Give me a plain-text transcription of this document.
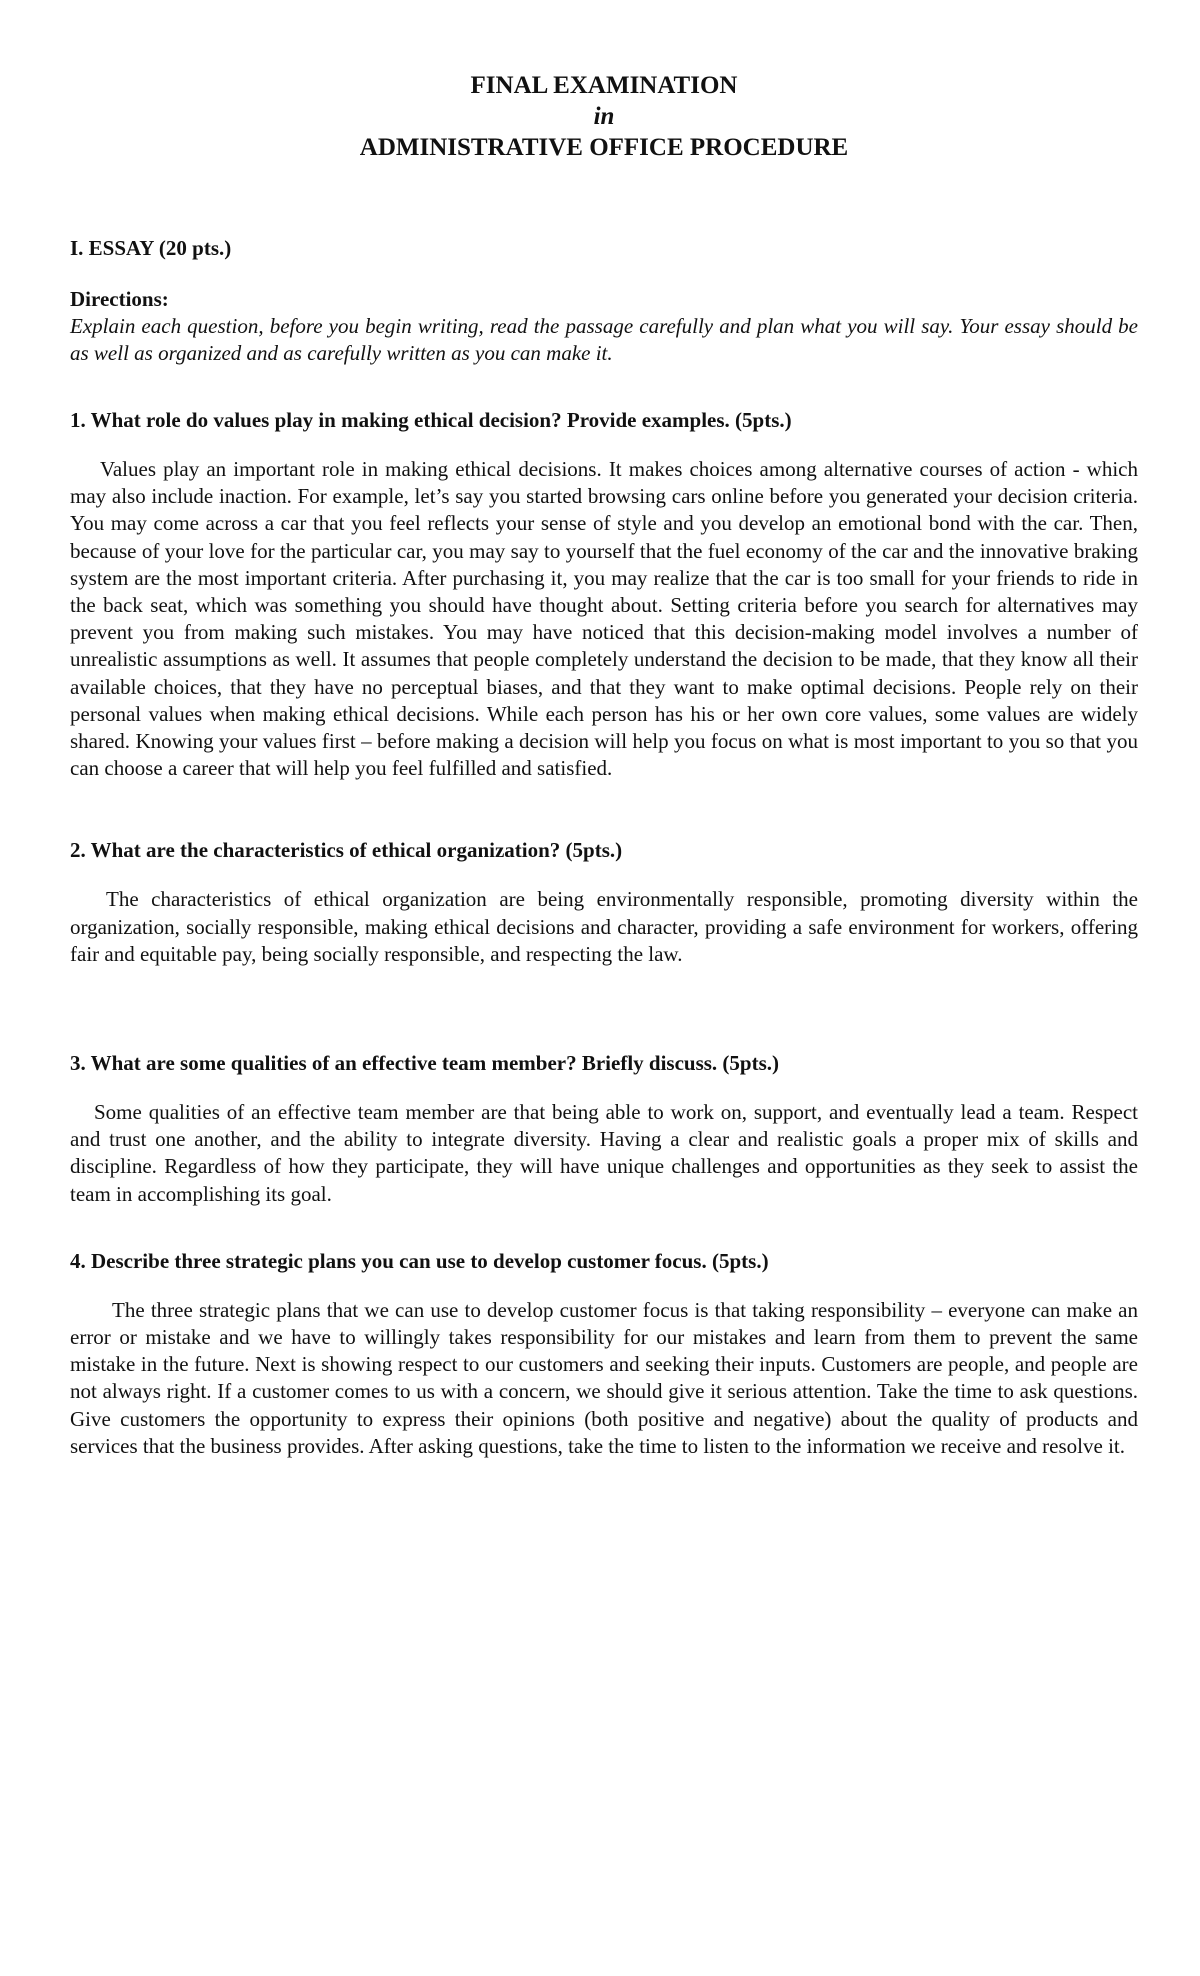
FINAL EXAMINATION
in
ADMINISTRATIVE OFFICE PROCEDURE
I. ESSAY (20 pts.)
Directions:

Explain each question, before you begin writing, read the passage carefully and plan what you will say. Your essay should be as well as organized and as carefully written as you can make it.

1. What role do values play in making ethical decision? Provide examples. (5pts.)

Values play an important role in making ethical decisions. It makes choices among alternative courses of action - which may also include inaction. For example, let’s say you started browsing cars online before you generated your decision criteria. You may come across a car that you feel reflects your sense of style and you develop an emotional bond with the car. Then, because of your love for the particular car, you may say to yourself that the fuel economy of the car and the innovative braking system are the most important criteria. After purchasing it, you may realize that the car is too small for your friends to ride in the back seat, which was something you should have thought about. Setting criteria before you search for alternatives may prevent you from making such mistakes. You may have noticed that this decision-making model involves a number of unrealistic assumptions as well. It assumes that people completely understand the decision to be made, that they know all their available choices, that they have no perceptual biases, and that they want to make optimal decisions. People rely on their personal values when making ethical decisions. While each person has his or her own core values, some values are widely shared. Knowing your values first – before making a decision will help you focus on what is most important to you so that you can choose a career that will help you feel fulfilled and satisfied.

2. What are the characteristics of ethical organization? (5pts.)

The characteristics of ethical organization are being environmentally responsible, promoting diversity within the organization, socially responsible, making ethical decisions and character, providing a safe environment for workers, offering fair and equitable pay, being socially responsible, and respecting the law.

3. What are some qualities of an effective team member? Briefly discuss. (5pts.)

Some qualities of an effective team member are that being able to work on, support, and eventually lead a team. Respect and trust one another, and the ability to integrate diversity. Having a clear and realistic goals a proper mix of skills and discipline. Regardless of how they participate, they will have unique challenges and opportunities as they seek to assist the team in accomplishing its goal.

4. Describe three strategic plans you can use to develop customer focus. (5pts.)

The three strategic plans that we can use to develop customer focus is that taking responsibility – everyone can make an error or mistake and we have to willingly takes responsibility for our mistakes and learn from them to prevent the same mistake in the future. Next is showing respect to our customers and seeking their inputs. Customers are people, and people are not always right. If a customer comes to us with a concern, we should give it serious attention. Take the time to ask questions. Give customers the opportunity to express their opinions (both positive and negative) about the quality of products and services that the business provides. After asking questions, take the time to listen to the information we receive and resolve it.
